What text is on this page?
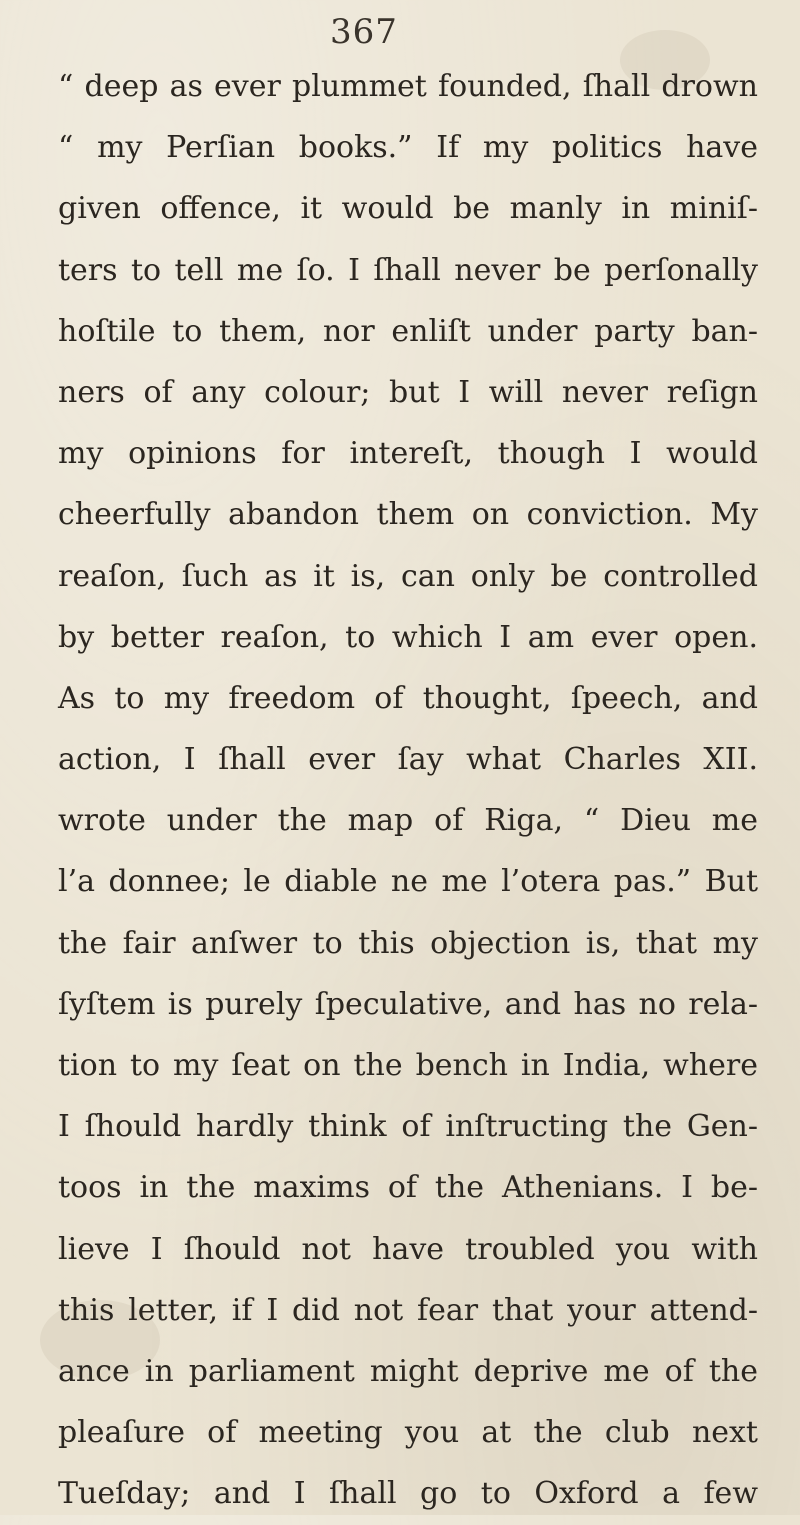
367
“ deep as ever plummet founded, ſhall drown
“ my Perſian books.” If my politics have
given offence, it would be manly in miniſ-
ters to tell me ſo. I ſhall never be perſonally
hoſtile to them, nor enliſt under party ban-
ners of any colour; but I will never reſign
my opinions for intereſt, though I would
cheerfully abandon them on conviction. My
reaſon, ſuch as it is, can only be controlled
by better reaſon, to which I am ever open.
As to my freedom of thought, ſpeech, and
action, I ſhall ever ſay what Charles XII.
wrote under the map of Riga, “ Dieu me
l’a donnee; le diable ne me l’otera pas.” But
the fair anſwer to this objection is, that my
ſyſtem is purely ſpeculative, and has no rela-
tion to my ſeat on the bench in India, where
I ſhould hardly think of inſtructing the Gen-
toos in the maxims of the Athenians. I be-
lieve I ſhould not have troubled you with
this letter, if I did not fear that your attend-
ance in parliament might deprive me of the
pleaſure of meeting you at the club next
Tueſday; and I ſhall go to Oxford a few
